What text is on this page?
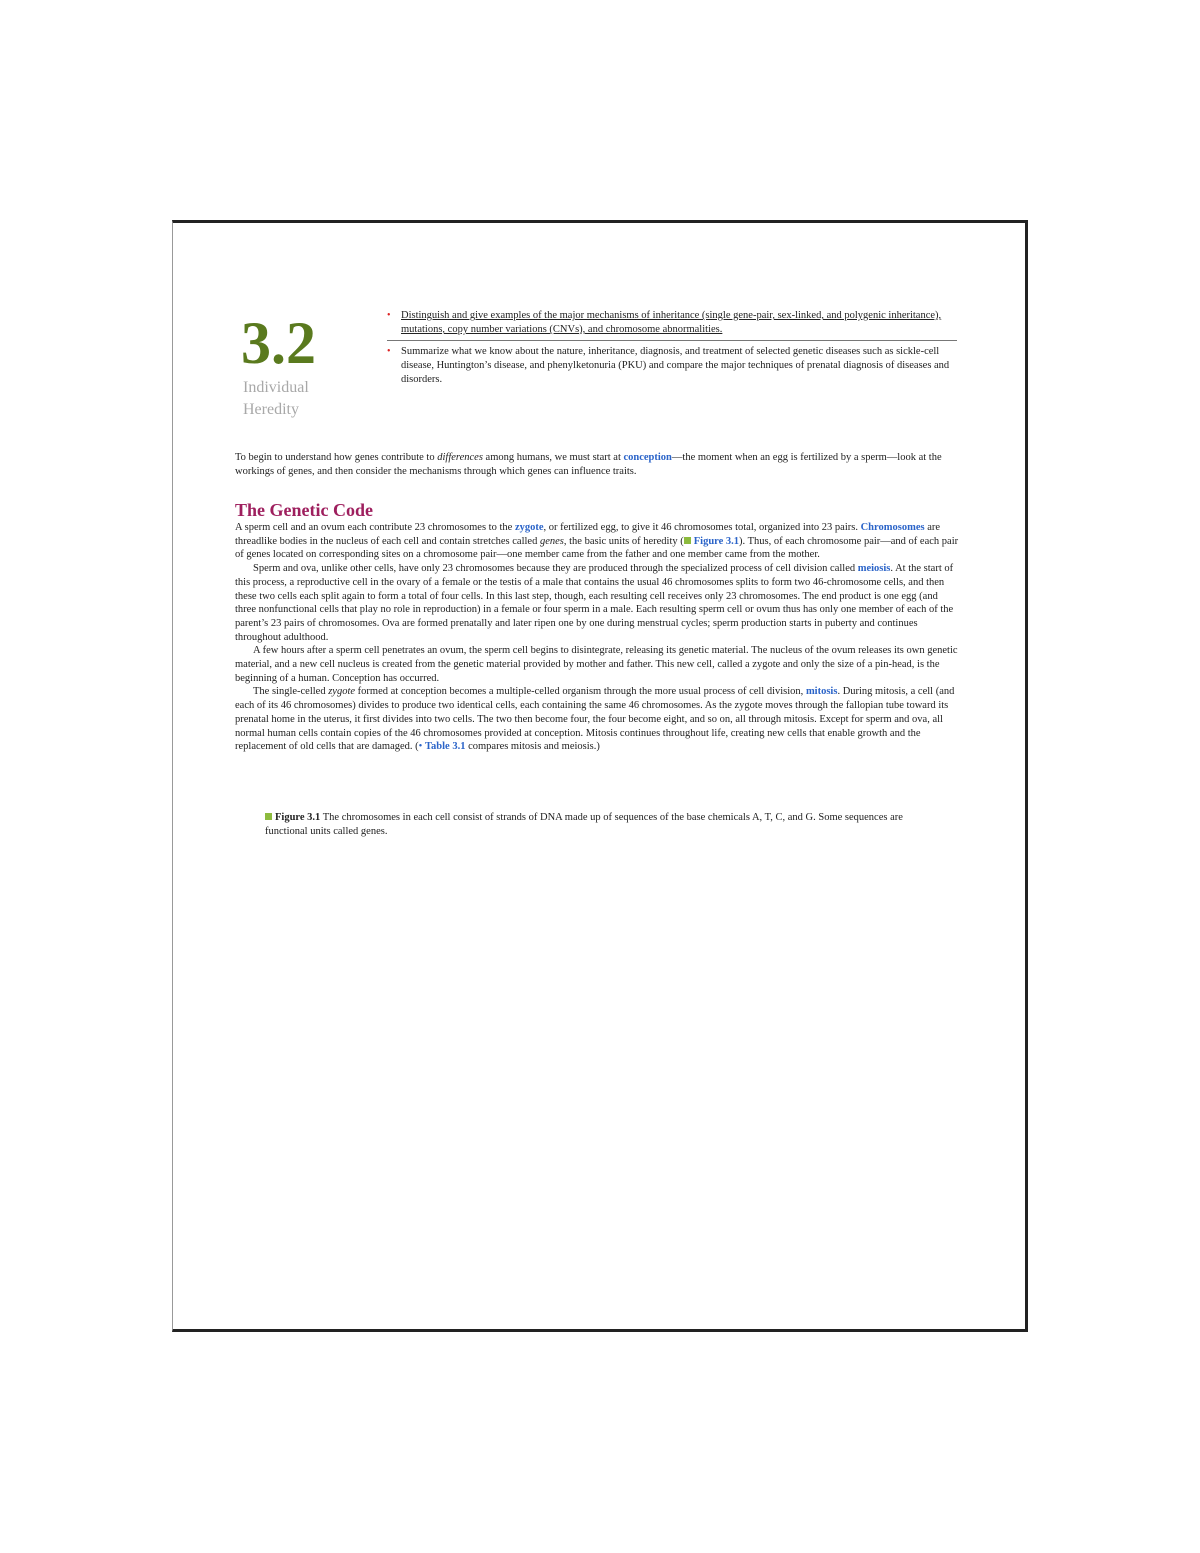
3.2
Individual
Heredity
• Distinguish and give examples of the major mechanisms of inheritance (single gene-pair, sex-linked, and polygenic inheritance), mutations, copy number variations (CNVs), and chromosome abnormalities.
• Summarize what we know about the nature, inheritance, diagnosis, and treatment of selected genetic diseases such as sickle-cell disease, Huntington’s disease, and phenylketonuria (PKU) and compare the major techniques of prenatal diagnosis of diseases and disorders.
To begin to understand how genes contribute to differences among humans, we must start at conception—the moment when an egg is fertilized by a sperm—look at the workings of genes, and then consider the mechanisms through which genes can influence traits.
The Genetic Code

A sperm cell and an ovum each contribute 23 chromosomes to the zygote, or fertilized egg, to give it 46 chromosomes total, organized into 23 pairs. Chromosomes are threadlike bodies in the nucleus of each cell and contain stretches called genes, the basic units of heredity ( Figure 3.1). Thus, of each chromosome pair—and of each pair of genes located on corresponding sites on a chromosome pair—one member came from the father and one member came from the mother.

Sperm and ova, unlike other cells, have only 23 chromosomes because they are produced through the specialized process of cell division called meiosis. At the start of this process, a reproductive cell in the ovary of a female or the testis of a male that contains the usual 46 chromosomes splits to form two 46-chromosome cells, and then these two cells each split again to form a total of four cells. In this last step, though, each resulting cell receives only 23 chromosomes. The end product is one egg (and three nonfunctional cells that play no role in reproduction) in a female or four sperm in a male. Each resulting sperm cell or ovum thus has only one member of each of the parent’s 23 pairs of chromosomes. Ova are formed prenatally and later ripen one by one during menstrual cycles; sperm production starts in puberty and continues throughout adulthood.

A few hours after a sperm cell penetrates an ovum, the sperm cell begins to disintegrate, releasing its genetic material. The nucleus of the ovum releases its own genetic material, and a new cell nucleus is created from the genetic material provided by mother and father. This new cell, called a zygote and only the size of a pin-head, is the beginning of a human. Conception has occurred.

The single-celled zygote formed at conception becomes a multiple-celled organism through the more usual process of cell division, mitosis. During mitosis, a cell (and each of its 46 chromosomes) divides to produce two identical cells, each containing the same 46 chromosomes. As the zygote moves through the fallopian tube toward its prenatal home in the uterus, it first divides into two cells. The two then become four, the four become eight, and so on, all through mitosis. Except for sperm and ova, all normal human cells contain copies of the 46 chromosomes provided at conception. Mitosis continues throughout life, creating new cells that enable growth and the replacement of old cells that are damaged. (• Table 3.1 compares mitosis and meiosis.)

Figure 3.1 The chromosomes in each cell consist of strands of DNA made up of sequences of the base chemicals A, T, C, and G. Some sequences are functional units called genes.
